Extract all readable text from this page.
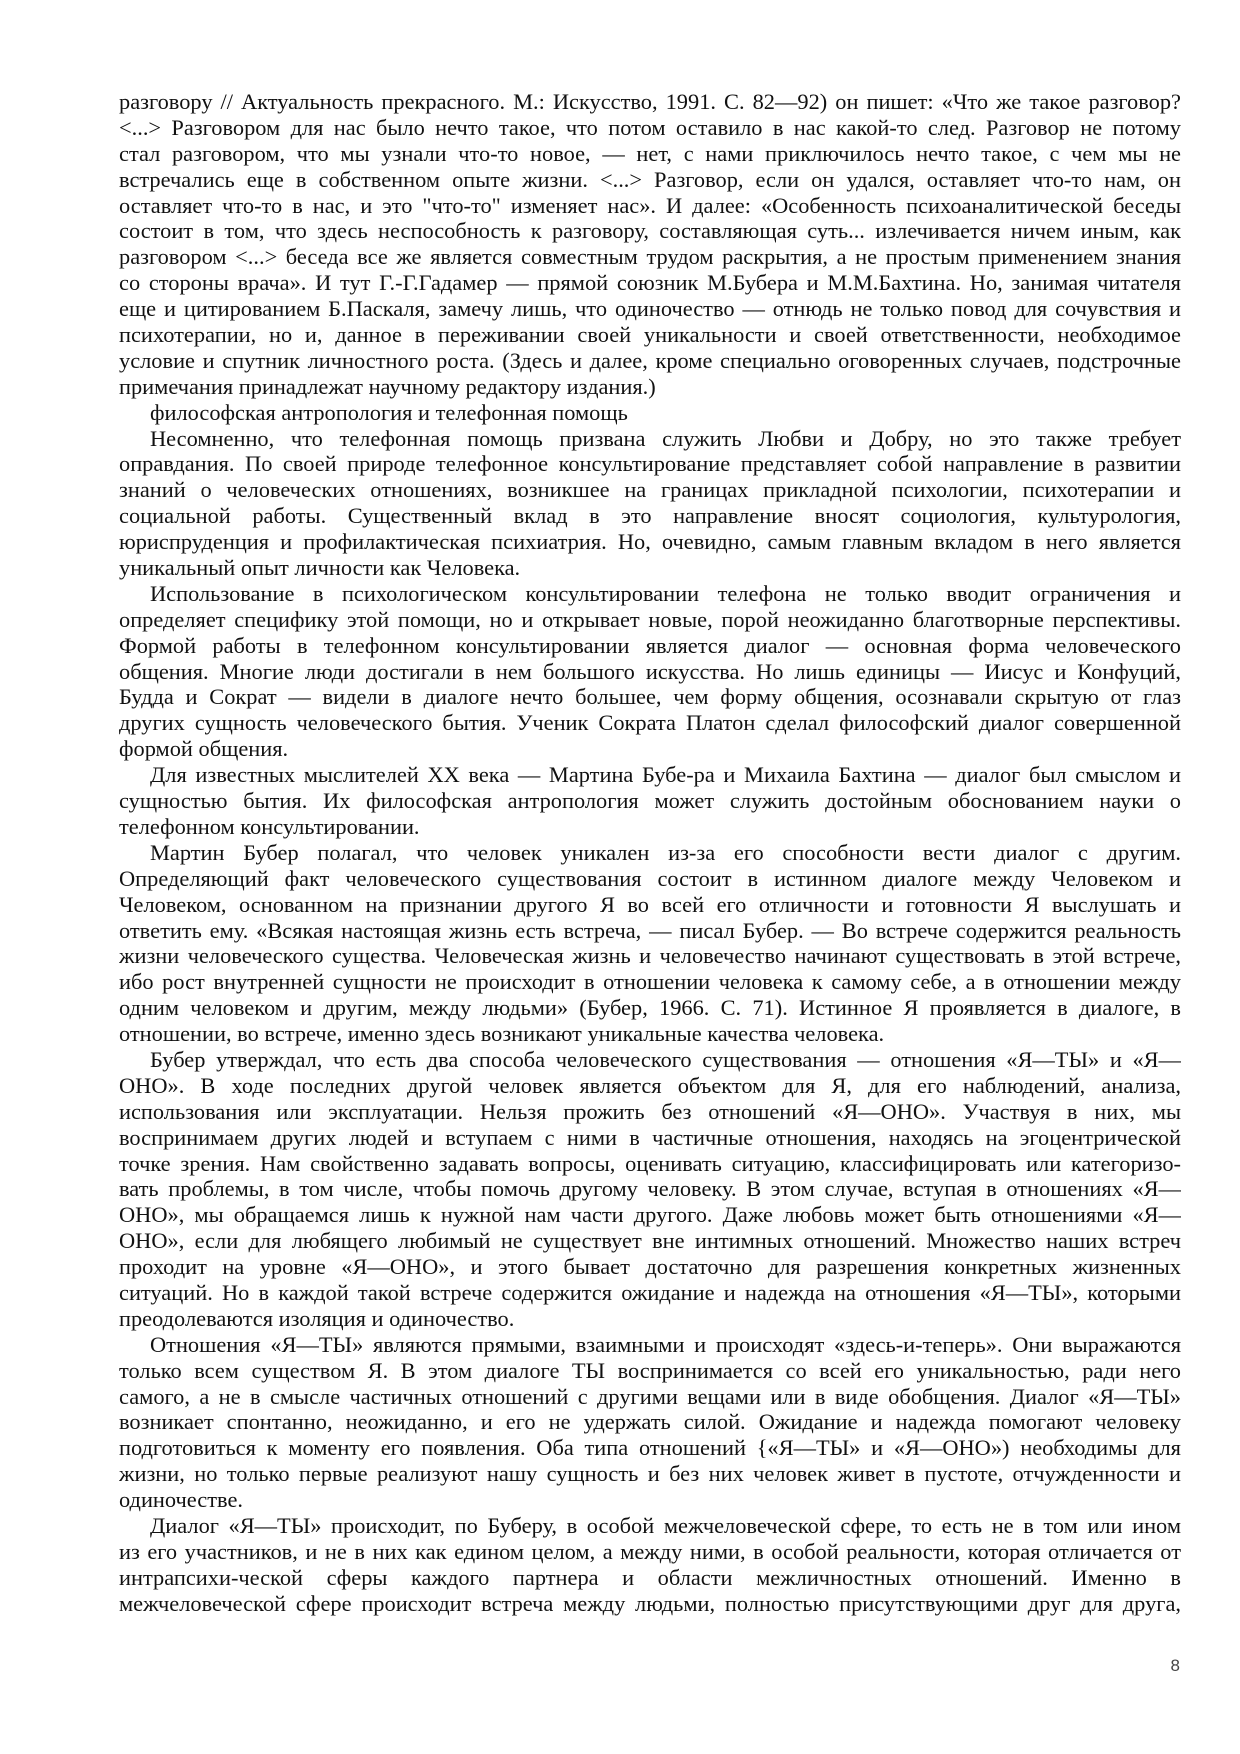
разговору // Актуальность прекрасного. М.: Искусство, 1991. С. 82—92) он пишет: «Что же такое разговор?
<...> Разговором для нас было нечто такое, что потом оставило в нас какой-то след. Разговор не потому
стал разговором, что мы узнали что-то новое, — нет, с нами приключилось нечто такое, с чем мы не
встречались еще в собственном опыте жизни. <...> Разговор, если он удался, оставляет что-то нам, он
оставляет что-то в нас, и это "что-то" изменяет нас». И далее: «Особенность психоаналитической беседы
состоит в том, что здесь неспособность к разговору, составляющая суть... излечивается ничем иным, как
разговором <...> беседа все же является совместным трудом раскрытия, а не простым применением знания
со стороны врача». И тут Г.-Г.Гадамер — прямой союзник М.Бубера и М.М.Бахтина. Но, занимая читателя
еще и цитированием Б.Паскаля, замечу лишь, что одиночество — отнюдь не только повод для сочувствия и
психотерапии, но и, данное в переживании своей уникальности и своей ответственности, необходимое
условие и спутник личностного роста. (Здесь и далее, кроме специально оговоренных случаев, подстрочные
примечания принадлежат научному редактору издания.)
философская антропология и телефонная помощь
Несомненно, что телефонная помощь призвана служить Любви и Добру, но это также требует
оправдания. По своей природе телефонное консультирование представляет собой направление в развитии
знаний о человеческих отношениях, возникшее на границах прикладной психологии, психотерапии и
социальной работы. Существенный вклад в это направление вносят социология, культурология,
юриспруденция и профилактическая психиатрия. Но, очевидно, самым главным вкладом в него является
уникальный опыт личности как Человека.
Использование в психологическом консультировании телефона не только вводит ограничения и
определяет специфику этой помощи, но и открывает новые, порой неожиданно благотворные перспективы.
Формой работы в телефонном консультировании является диалог — основная форма человеческого
общения. Многие люди достигали в нем большого искусства. Но лишь единицы — Иисус и Конфуций,
Будда и Сократ — видели в диалоге нечто большее, чем форму общения, осознавали скрытую от глаз
других сущность человеческого бытия. Ученик Сократа Платон сделал философский диалог совершенной
формой общения.
Для известных мыслителей XX века — Мартина Бубе-ра и Михаила Бахтина — диалог был смыслом и
сущностью бытия. Их философская антропология может служить достойным обоснованием науки о
телефонном консультировании.
Мартин Бубер полагал, что человек уникален из-за его способности вести диалог с другим.
Определяющий факт человеческого существования состоит в истинном диалоге между Человеком и
Человеком, основанном на признании другого Я во всей его отличности и готовности Я выслушать и
ответить ему. «Всякая настоящая жизнь есть встреча, — писал Бубер. — Во встрече содержится реальность
жизни человеческого существа. Человеческая жизнь и человечество начинают существовать в этой встрече,
ибо рост внутренней сущности не происходит в отношении человека к самому себе, а в отношении между
одним человеком и другим, между людьми» (Бубер, 1966. С. 71). Истинное Я проявляется в диалоге, в
отношении, во встрече, именно здесь возникают уникальные качества человека.
Бубер утверждал, что есть два способа человеческого существования — отношения «Я—ТЫ» и «Я—
ОНО». В ходе последних другой человек является объектом для Я, для его наблюдений, анализа,
использования или эксплуатации. Нельзя прожить без отношений «Я—ОНО». Участвуя в них, мы
воспринимаем других людей и вступаем с ними в частичные отношения, находясь на эгоцентрической
точке зрения. Нам свойственно задавать вопросы, оценивать ситуацию, классифицировать или категоризо-
вать проблемы, в том числе, чтобы помочь другому человеку. В этом случае, вступая в отношениях «Я—
ОНО», мы обращаемся лишь к нужной нам части другого. Даже любовь может быть отношениями «Я—
ОНО», если для любящего любимый не существует вне интимных отношений. Множество наших встреч
проходит на уровне «Я—ОНО», и этого бывает достаточно для разрешения конкретных жизненных
ситуаций. Но в каждой такой встрече содержится ожидание и надежда на отношения «Я—ТЫ», которыми
преодолеваются изоляция и одиночество.
Отношения «Я—ТЫ» являются прямыми, взаимными и происходят «здесь-и-теперь». Они выражаются
только всем существом Я. В этом диалоге ТЫ воспринимается со всей его уникальностью, ради него
самого, а не в смысле частичных отношений с другими вещами или в виде обобщения. Диалог «Я—ТЫ»
возникает спонтанно, неожиданно, и его не удержать силой. Ожидание и надежда помогают человеку
подготовиться к моменту его появления. Оба типа отношений {«Я—ТЫ» и «Я—ОНО») необходимы для
жизни, но только первые реализуют нашу сущность и без них человек живет в пустоте, отчужденности и
одиночестве.
Диалог «Я—ТЫ» происходит, по Буберу, в особой межчеловеческой сфере, то есть не в том или ином
из его участников, и не в них как едином целом, а между ними, в особой реальности, которая отличается от
интрапсихи-ческой сферы каждого партнера и области межличностных отношений. Именно в
межчеловеческой сфере происходит встреча между людьми, полностью присутствующими друг для друга,
8
